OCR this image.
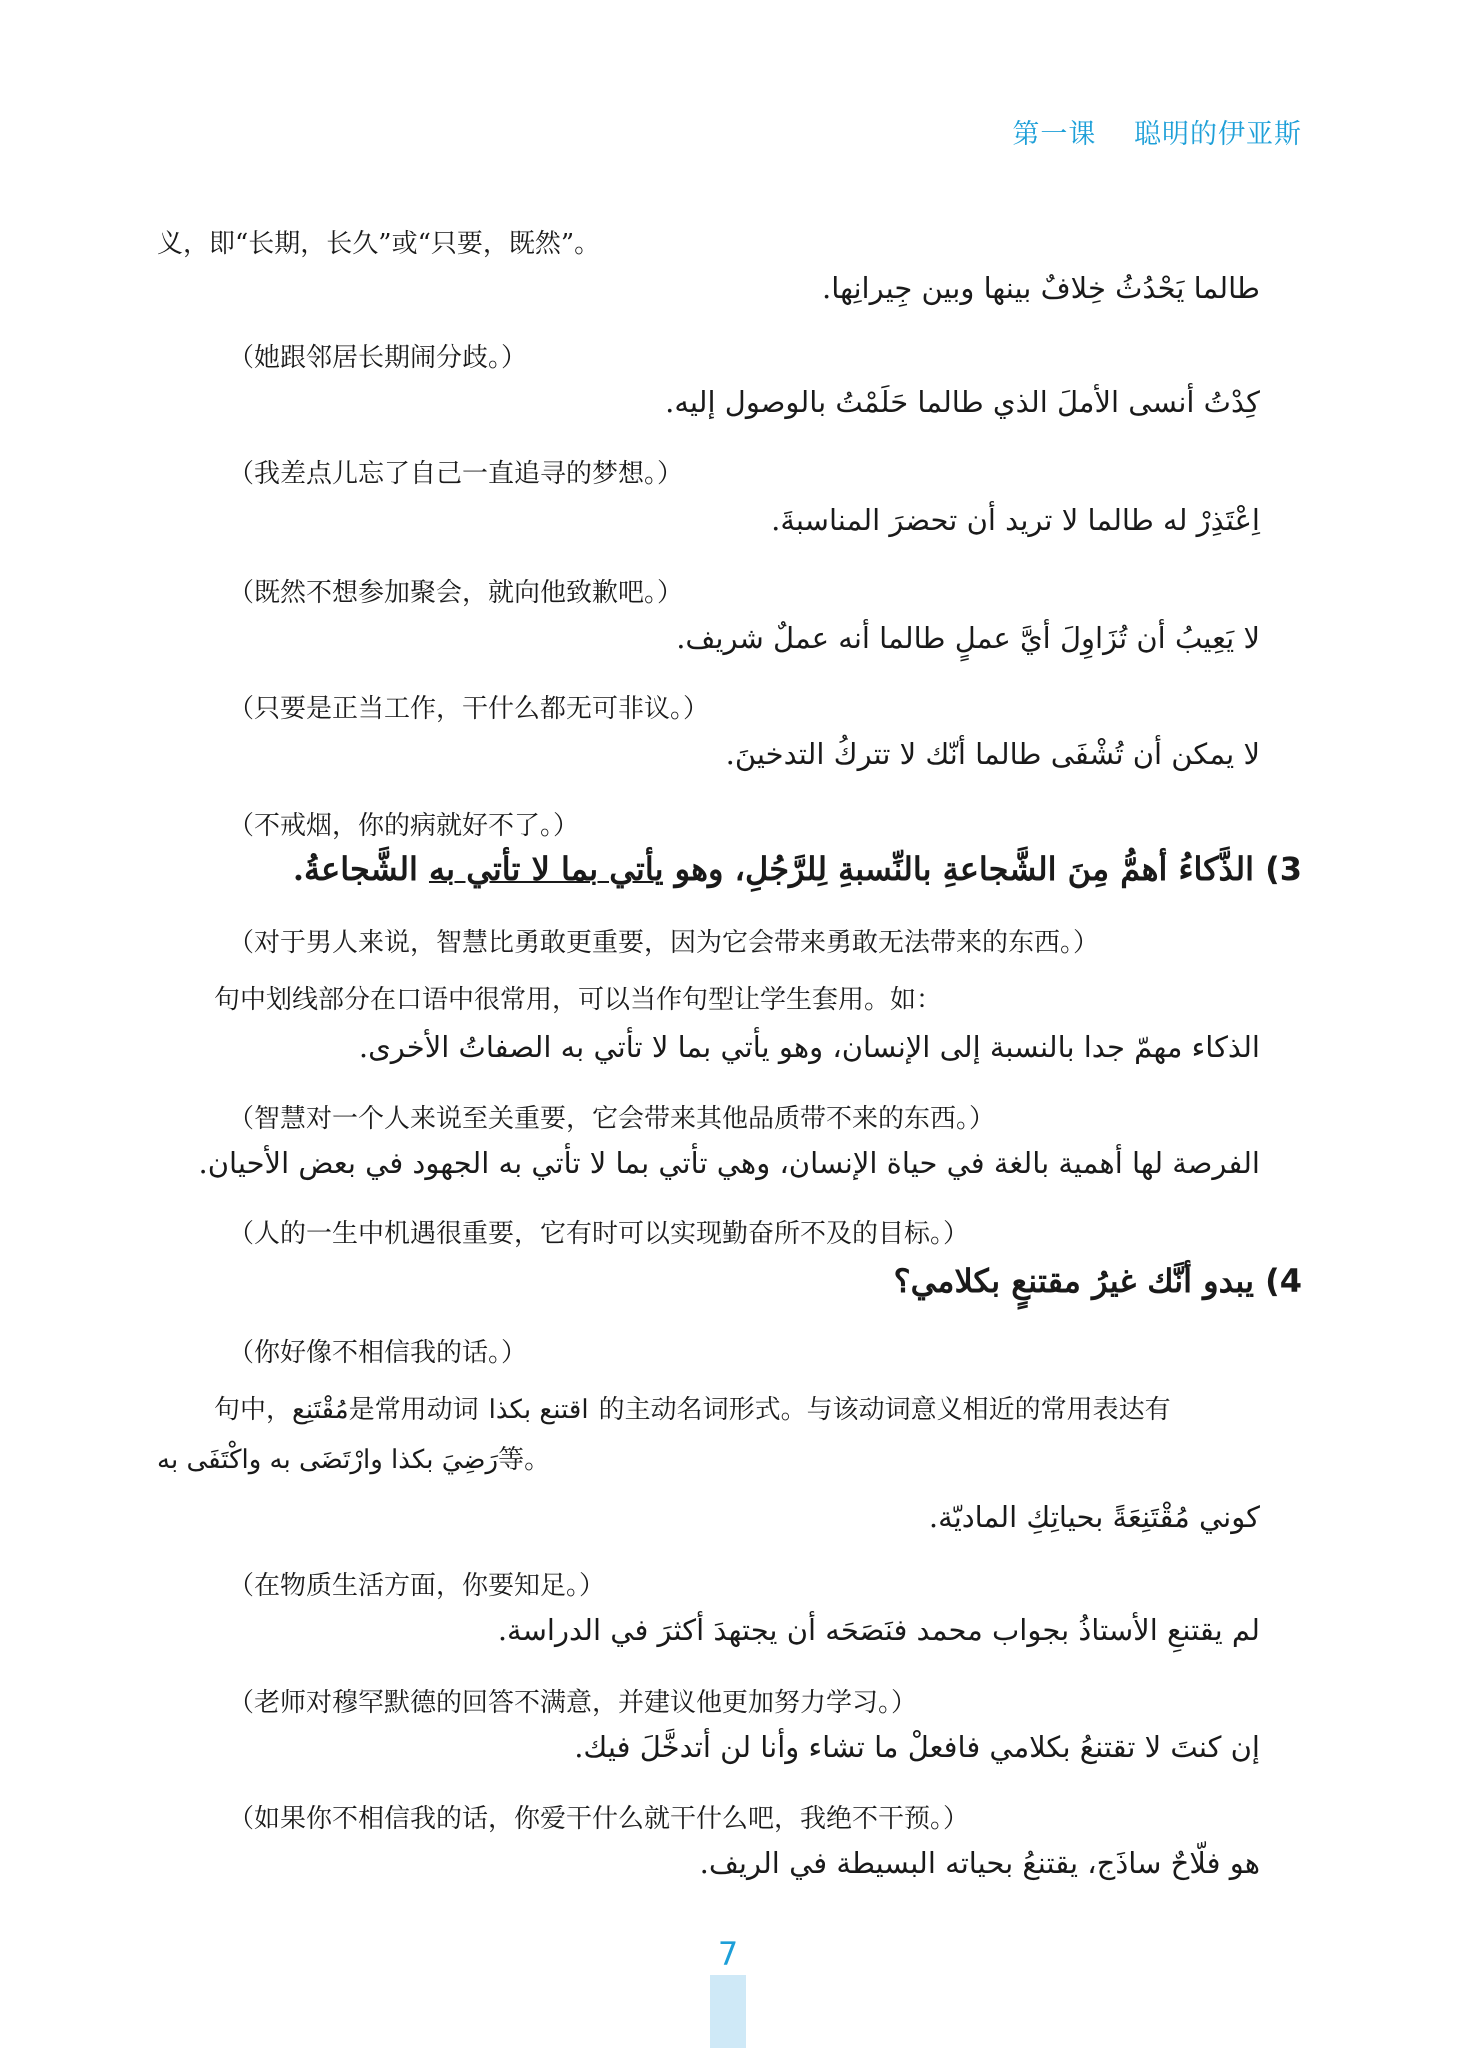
第一课 聪明的伊亚斯
义，即“长期，长久”或“只要，既然”。
طالما يَحْدُثُ خِلافٌ بينها وبين جِيرانِها.
（她跟邻居长期闹分歧。）
كِدْتُ أنسى الأملَ الذي طالما حَلَمْتُ بالوصول إليه.
（我差点儿忘了自己一直追寻的梦想。）
اِعْتَذِرْ له طالما لا تريد أن تحضرَ المناسبةَ.
（既然不想参加聚会，就向他致歉吧。）
لا يَعِيبُ أن تُزَاوِلَ أيَّ عملٍ طالما أنه عملٌ شريف.
（只要是正当工作，干什么都无可非议。）
لا يمكن أن تُشْفَى طالما أنّك لا تتركُ التدخينَ.
（不戒烟，你的病就好不了。）
3) الذَّكاءُ أهمُّ مِنَ الشَّجاعةِ بالنِّسبةِ لِلرَّجُلِ، وهو يأتي بما لا تأتي به الشَّجاعةُ.
（对于男人来说，智慧比勇敢更重要，因为它会带来勇敢无法带来的东西。）
句中划线部分在口语中很常用，可以当作句型让学生套用。如：
الذكاء مهمّ جدا بالنسبة إلى الإنسان، وهو يأتي بما لا تأتي به الصفاتُ الأخرى.
（智慧对一个人来说至关重要，它会带来其他品质带不来的东西。）
الفرصة لها أهمية بالغة في حياة الإنسان، وهي تأتي بما لا تأتي به الجهود في بعض الأحيان.
（人的一生中机遇很重要，它有时可以实现勤奋所不及的目标。）
4) يبدو أنَّك غيرُ مقتنعٍ بكلامي؟
（你好像不相信我的话。）
句中，مُقْتَنِع是常用动词 اقتنع بكذا 的主动名词形式。与该动词意义相近的常用表达有
رَضِيَ بكذا وارْتَضَى به واكْتَفَى به等。
كوني مُقْتَنِعَةً بحياتِكِ الماديّة.
（在物质生活方面，你要知足。）
لم يقتنعِ الأستاذُ بجواب محمد فنَصَحَه أن يجتهدَ أكثرَ في الدراسة.
（老师对穆罕默德的回答不满意，并建议他更加努力学习。）
إن كنتَ لا تقتنعُ بكلامي فافعلْ ما تشاء وأنا لن أتدخَّلَ فيك.
（如果你不相信我的话，你爱干什么就干什么吧，我绝不干预。）
هو فلّاحٌ ساذَج، يقتنعُ بحياته البسيطة في الريف.
7
